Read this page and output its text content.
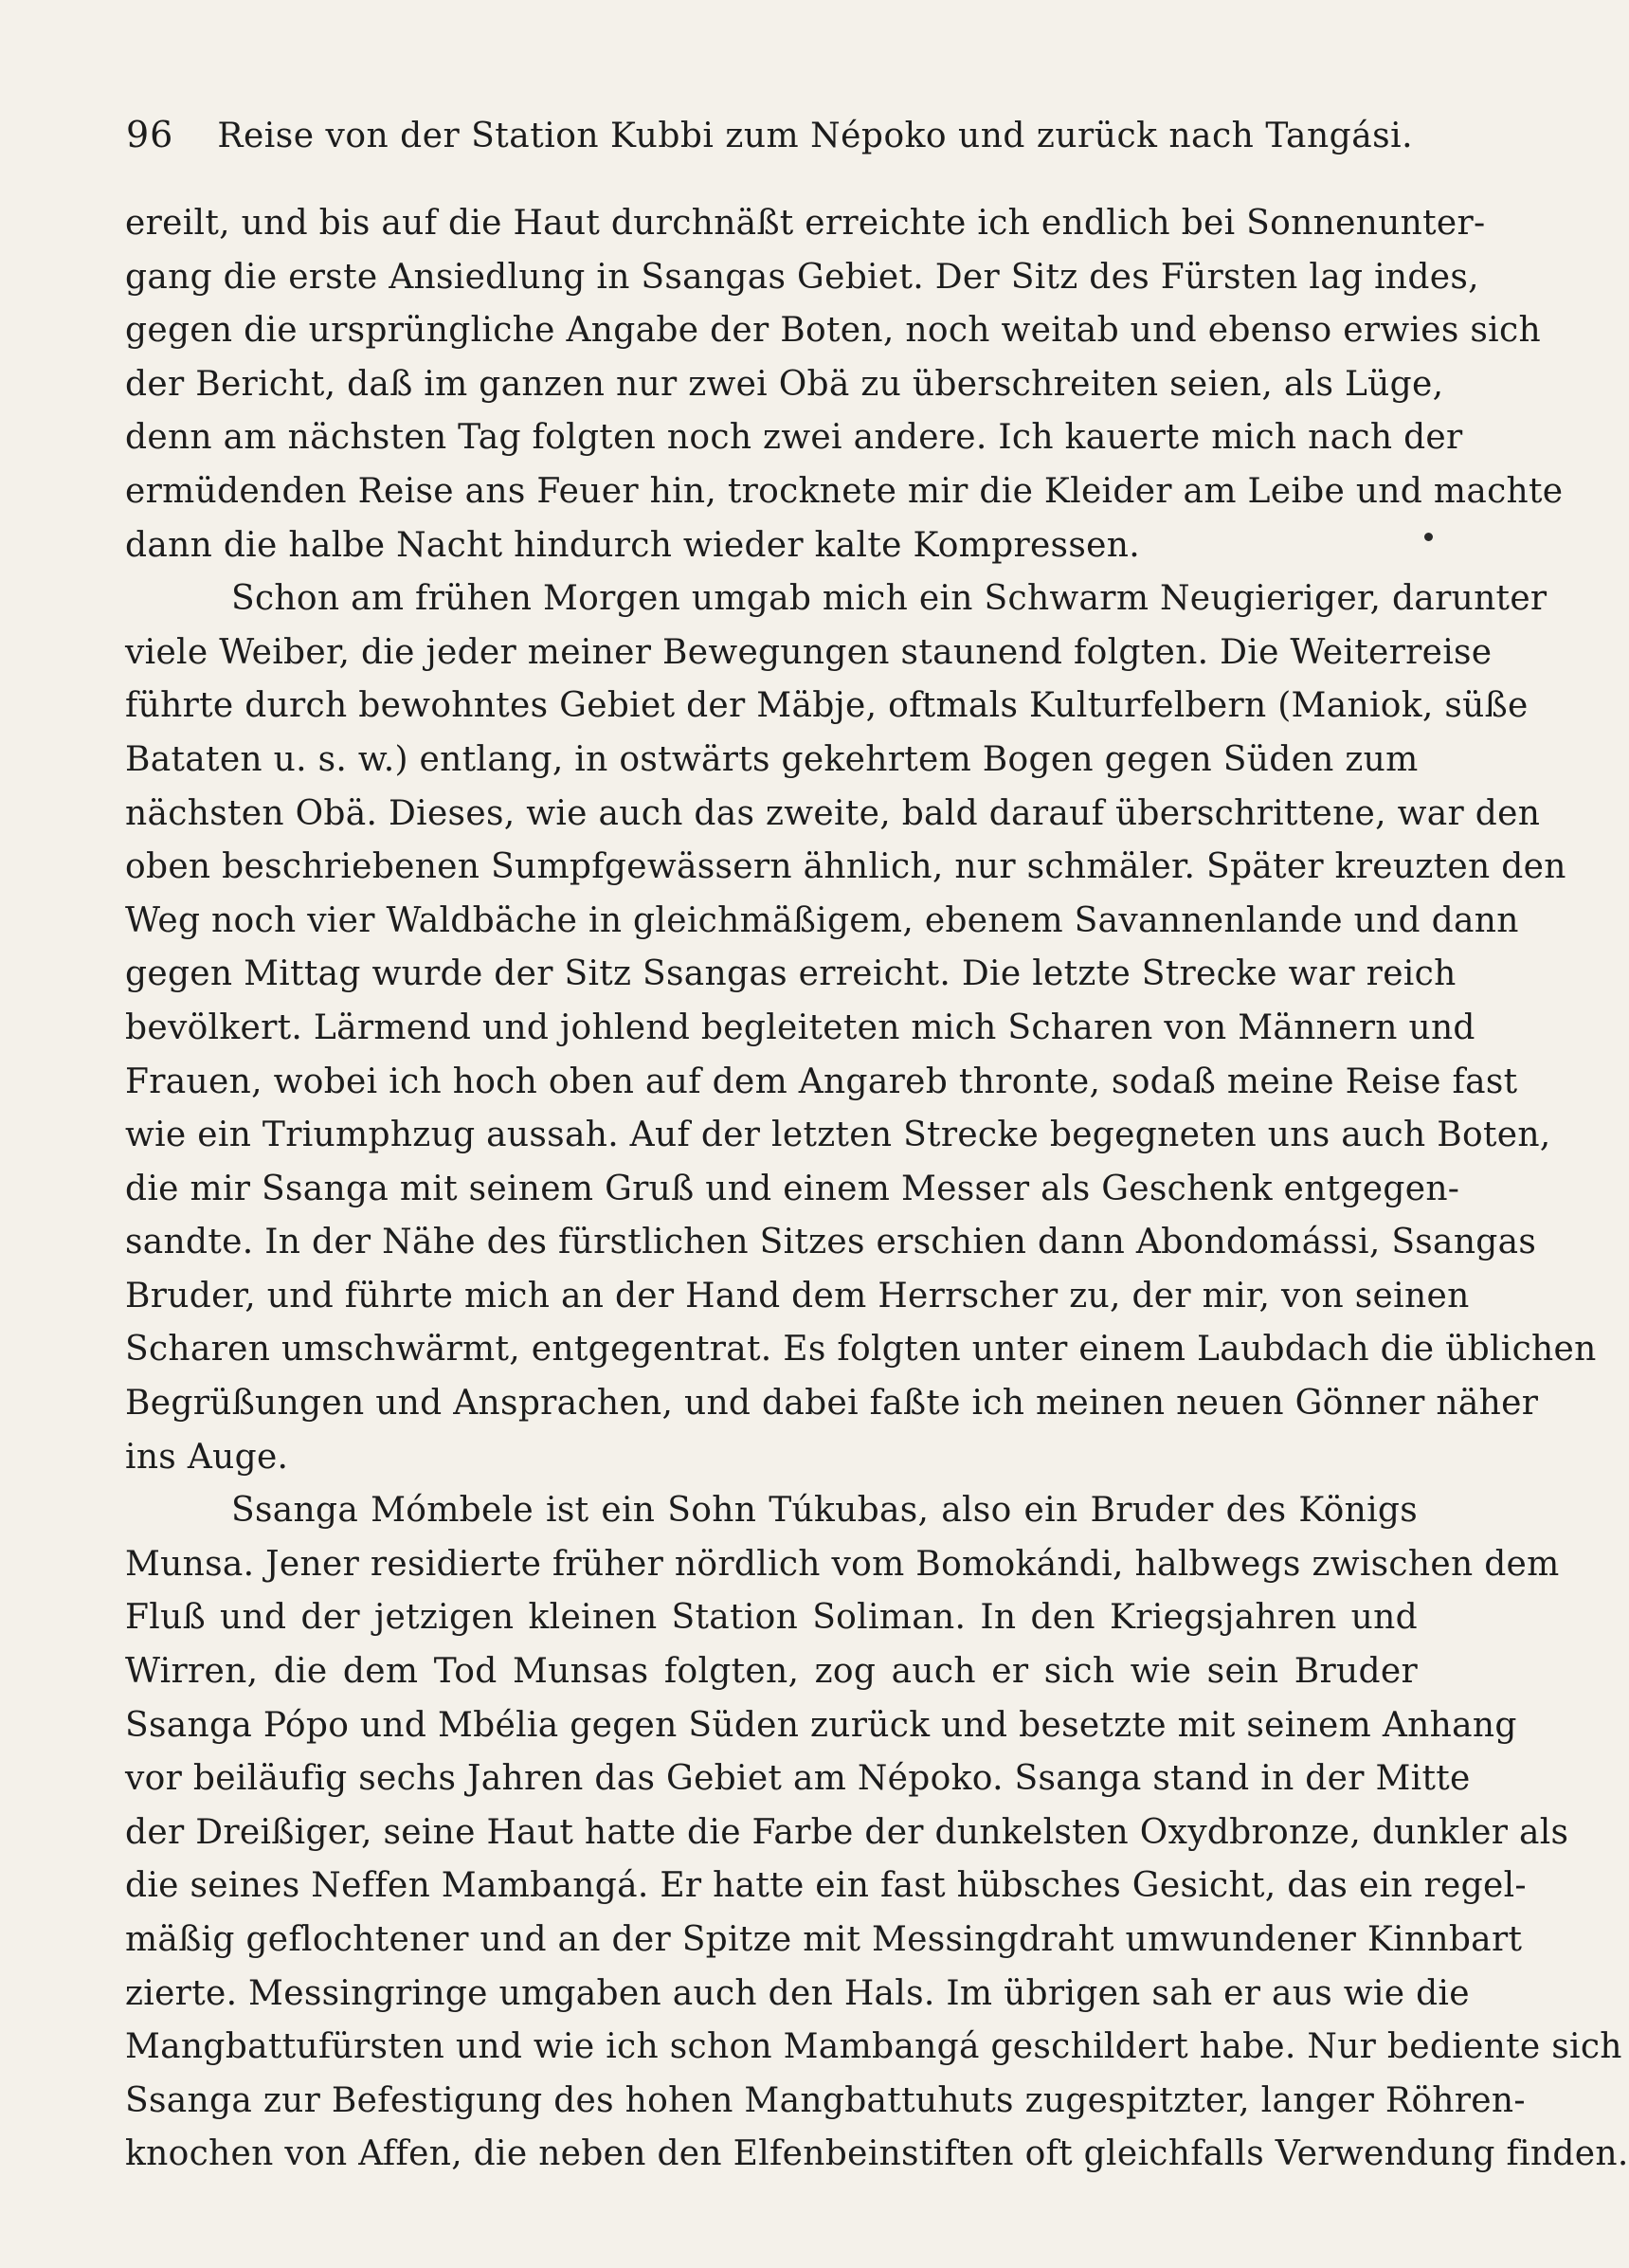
96 Reise von der Station Kubbi zum Népoko und zurück nach Tangási.
ereilt, und bis auf die Haut durchnäßt erreichte ich endlich bei Sonnenunter-
gang die erste Ansiedlung in Ssangas Gebiet. Der Sitz des Fürsten lag indes,
gegen die ursprüngliche Angabe der Boten, noch weitab und ebenso erwies sich
der Bericht, daß im ganzen nur zwei Obä zu überschreiten seien, als Lüge,
denn am nächsten Tag folgten noch zwei andere. Ich kauerte mich nach der
ermüdenden Reise ans Feuer hin, trocknete mir die Kleider am Leibe und machte
dann die halbe Nacht hindurch wieder kalte Kompressen.
Schon am frühen Morgen umgab mich ein Schwarm Neugieriger, darunter
viele Weiber, die jeder meiner Bewegungen staunend folgten. Die Weiterreise
führte durch bewohntes Gebiet der Mäbje, oftmals Kulturfelbern (Maniok, süße
Bataten u. s. w.) entlang, in ostwärts gekehrtem Bogen gegen Süden zum
nächsten Obä. Dieses, wie auch das zweite, bald darauf überschrittene, war den
oben beschriebenen Sumpfgewässern ähnlich, nur schmäler. Später kreuzten den
Weg noch vier Waldbäche in gleichmäßigem, ebenem Savannenlande und dann
gegen Mittag wurde der Sitz Ssangas erreicht. Die letzte Strecke war reich
bevölkert. Lärmend und johlend begleiteten mich Scharen von Männern und
Frauen, wobei ich hoch oben auf dem Angareb thronte, sodaß meine Reise fast
wie ein Triumphzug aussah. Auf der letzten Strecke begegneten uns auch Boten,
die mir Ssanga mit seinem Gruß und einem Messer als Geschenk entgegen-
sandte. In der Nähe des fürstlichen Sitzes erschien dann Abondomássi, Ssangas
Bruder, und führte mich an der Hand dem Herrscher zu, der mir, von seinen
Scharen umschwärmt, entgegentrat. Es folgten unter einem Laubdach die üblichen
Begrüßungen und Ansprachen, und dabei faßte ich meinen neuen Gönner näher
ins Auge.
Ssanga Mómbele ist ein Sohn Túkubas, also ein Bruder des Königs
Munsa. Jener residierte früher nördlich vom Bomokándi, halbwegs zwischen dem
Fluß und der jetzigen kleinen Station Soliman. In den Kriegsjahren und
Wirren, die dem Tod Munsas folgten, zog auch er sich wie sein Bruder
Ssanga Pópo und Mbélia gegen Süden zurück und besetzte mit seinem Anhang
vor beiläufig sechs Jahren das Gebiet am Népoko. Ssanga stand in der Mitte
der Dreißiger, seine Haut hatte die Farbe der dunkelsten Oxydbronze, dunkler als
die seines Neffen Mambangá. Er hatte ein fast hübsches Gesicht, das ein regel-
mäßig geflochtener und an der Spitze mit Messingdraht umwundener Kinnbart
zierte. Messingringe umgaben auch den Hals. Im übrigen sah er aus wie die
Mangbattufürsten und wie ich schon Mambangá geschildert habe. Nur bediente sich
Ssanga zur Befestigung des hohen Mangbattuhuts zugespitzter, langer Röhren-
knochen von Affen, die neben den Elfenbeinstiften oft gleichfalls Verwendung finden.
